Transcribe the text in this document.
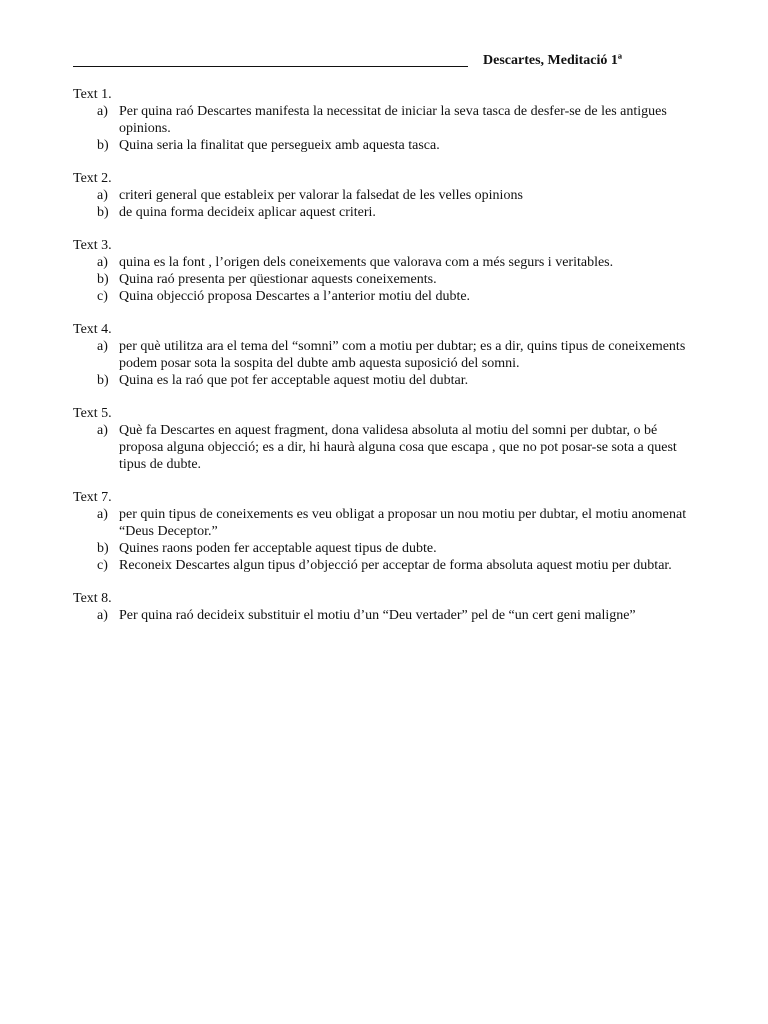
Descartes, Meditació 1ª
Text 1.
a) Per quina raó Descartes manifesta la necessitat de iniciar la seva tasca de desfer-se de les antigues opinions.
b) Quina seria la finalitat que persegueix amb aquesta tasca.
Text 2.
a) criteri general que estableix per valorar la falsedat de les velles opinions
b) de quina forma decideix aplicar aquest criteri.
Text 3.
a) quina es la font , l’origen dels coneixements que valorava com a més segurs i veritables.
b) Quina raó presenta per qüestionar aquests coneixements.
c) Quina objecció proposa Descartes a l’anterior motiu del dubte.
Text 4.
a) per què utilitza ara el tema del “somni” com a motiu per dubtar; es a dir, quins tipus de coneixements podem posar sota la sospita del dubte amb aquesta suposició del somni.
b) Quina es la raó que pot fer acceptable aquest motiu del dubtar.
Text 5.
a) Què fa Descartes en aquest fragment, dona validesa absoluta al motiu del somni per dubtar, o bé proposa alguna objecció; es a dir, hi haurà alguna cosa que escapa , que no pot posar-se sota a quest tipus de dubte.
Text 7.
a) per quin tipus de coneixements es veu obligat a proposar un nou motiu per dubtar, el motiu anomenat “Deus Deceptor.”
b) Quines raons poden fer acceptable aquest tipus de dubte.
c) Reconeix Descartes algun tipus d’objecció per acceptar de forma absoluta aquest motiu per dubtar.
Text 8.
a) Per quina raó decideix substituir el motiu d’un “Deu vertader” pel de “un cert geni maligne”
